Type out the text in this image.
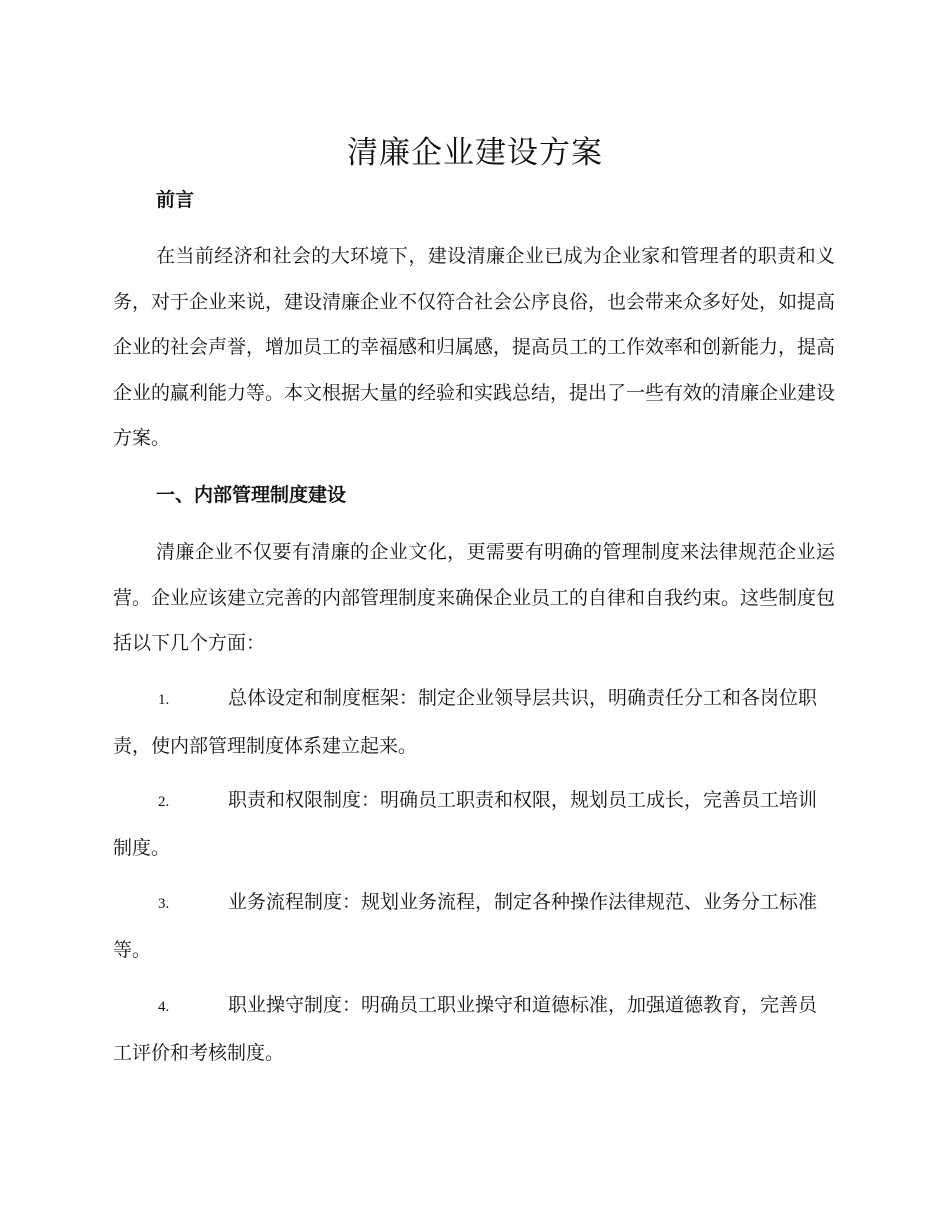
清廉企业建设方案
前言

在当前经济和社会的大环境下，建设清廉企业已成为企业家和管理者的职责和义务，对于企业来说，建设清廉企业不仅符合社会公序良俗，也会带来众多好处，如提高企业的社会声誉，增加员工的幸福感和归属感，提高员工的工作效率和创新能力，提高企业的赢利能力等。本文根据大量的经验和实践总结，提出了一些有效的清廉企业建设方案。

一、内部管理制度建设

清廉企业不仅要有清廉的企业文化，更需要有明确的管理制度来法律规范企业运营。企业应该建立完善的内部管理制度来确保企业员工的自律和自我约束。这些制度包括以下几个方面：

1.	总体设定和制度框架：制定企业领导层共识，明确责任分工和各岗位职责，使内部管理制度体系建立起来。

2.	职责和权限制度：明确员工职责和权限，规划员工成长，完善员工培训制度。

3.	业务流程制度：规划业务流程，制定各种操作法律规范、业务分工标准等。

4.	职业操守制度：明确员工职业操守和道德标准，加强道德教育，完善员工评价和考核制度。
